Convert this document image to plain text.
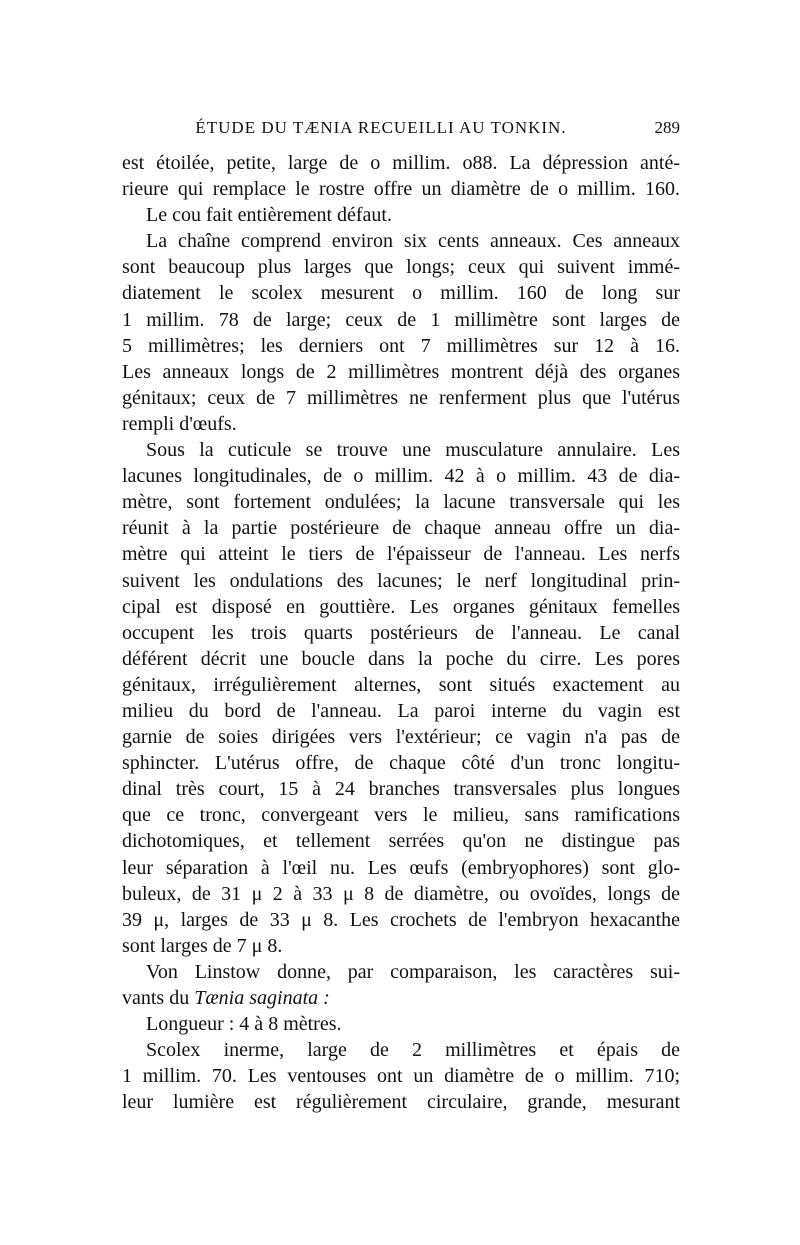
ÉTUDE DU TÆNIA RECUEILLI AU TONKIN.	289
est étoilée, petite, large de o millim. o88. La dépression anté-
rieure qui remplace le rostre offre un diamètre de o millim. 160.
Le cou fait entièrement défaut.
La chaîne comprend environ six cents anneaux. Ces anneaux
sont beaucoup plus larges que longs; ceux qui suivent immé-
diatement le scolex mesurent o millim. 160 de long sur
1 millim. 78 de large; ceux de 1 millimètre sont larges de
5 millimètres; les derniers ont 7 millimètres sur 12 à 16.
Les anneaux longs de 2 millimètres montrent déjà des organes
génitaux; ceux de 7 millimètres ne renferment plus que l'utérus
rempli d'œufs.
Sous la cuticule se trouve une musculature annulaire. Les
lacunes longitudinales, de o millim. 42 à o millim. 43 de dia-
mètre, sont fortement ondulées; la lacune transversale qui les
réunit à la partie postérieure de chaque anneau offre un dia-
mètre qui atteint le tiers de l'épaisseur de l'anneau. Les nerfs
suivent les ondulations des lacunes; le nerf longitudinal prin-
cipal est disposé en gouttière. Les organes génitaux femelles
occupent les trois quarts postérieurs de l'anneau. Le canal
déférent décrit une boucle dans la poche du cirre. Les pores
génitaux, irrégulièrement alternes, sont situés exactement au
milieu du bord de l'anneau. La paroi interne du vagin est
garnie de soies dirigées vers l'extérieur; ce vagin n'a pas de
sphincter. L'utérus offre, de chaque côté d'un tronc longitu-
dinal très court, 15 à 24 branches transversales plus longues
que ce tronc, convergeant vers le milieu, sans ramifications
dichotomiques, et tellement serrées qu'on ne distingue pas
leur séparation à l'œil nu. Les œufs (embryophores) sont glo-
buleux, de 31 μ 2 à 33 μ 8 de diamètre, ou ovoïdes, longs de
39 μ, larges de 33 μ 8. Les crochets de l'embryon hexacanthe
sont larges de 7 μ 8.
Von Linstow donne, par comparaison, les caractères sui-
vants du Tænia saginata :
Longueur : 4 à 8 mètres.
Scolex inerme, large de 2 millimètres et épais de
1 millim. 70. Les ventouses ont un diamètre de o millim. 710;
leur lumière est régulièrement circulaire, grande, mesurant
